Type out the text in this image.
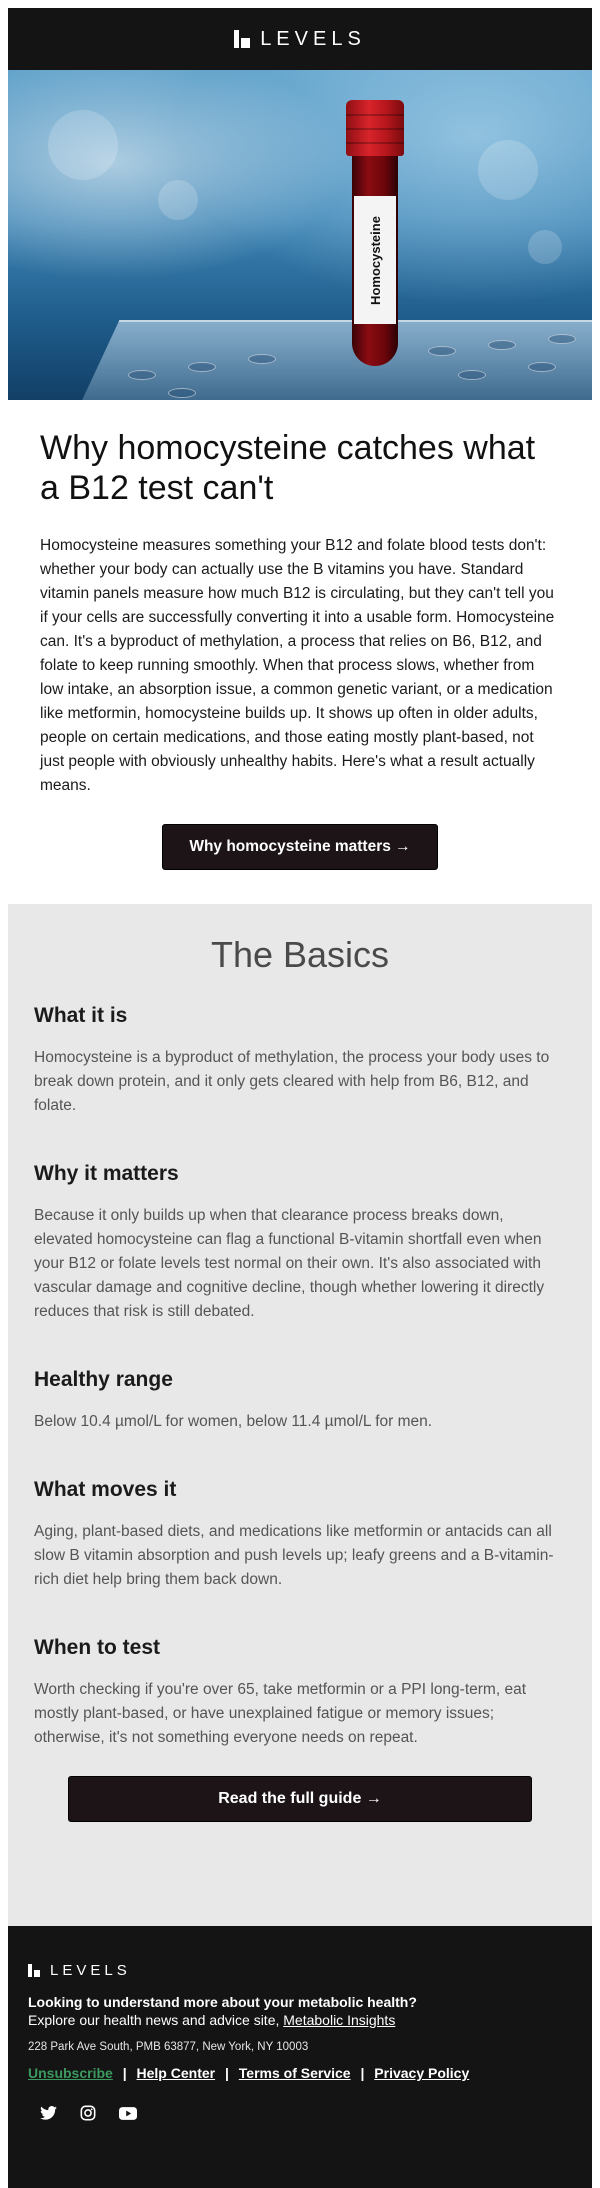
LEVELS
Homocysteine
Why homocysteine catches what a B12 test can't

Homocysteine measures something your B12 and folate blood tests don't: whether your body can actually use the B vitamins you have. Standard vitamin panels measure how much B12 is circulating, but they can't tell you if your cells are successfully converting it into a usable form. Homocysteine can. It's a byproduct of methylation, a process that relies on B6, B12, and folate to keep running smoothly. When that process slows, whether from low intake, an absorption issue, a common genetic variant, or a medication like metformin, homocysteine builds up. It shows up often in older adults, people on certain medications, and those eating mostly plant-based, not just people with obviously unhealthy habits. Here's what a result actually means.

Why homocysteine matters →
The Basics
What it is

Homocysteine is a byproduct of methylation, the process your body uses to break down protein, and it only gets cleared with help from B6, B12, and folate.

Why it matters

Because it only builds up when that clearance process breaks down, elevated homocysteine can flag a functional B-vitamin shortfall even when your B12 or folate levels test normal on their own. It's also associated with vascular damage and cognitive decline, though whether lowering it directly reduces that risk is still debated.

Healthy range

Below 10.4 µmol/L for women, below 11.4 µmol/L for men.

What moves it

Aging, plant-based diets, and medications like metformin or antacids can all slow B vitamin absorption and push levels up; leafy greens and a B-vitamin-rich diet help bring them back down.

When to test

Worth checking if you're over 65, take metformin or a PPI long-term, eat mostly plant-based, or have unexplained fatigue or memory issues; otherwise, it's not something everyone needs on repeat.

Read the full guide →
LEVELS
Looking to understand more about your metabolic health?
Explore our health news and advice site, Metabolic Insights
228 Park Ave South, PMB 63877, New York, NY 10003
Unsubscribe | Help Center | Terms of Service | Privacy Policy
